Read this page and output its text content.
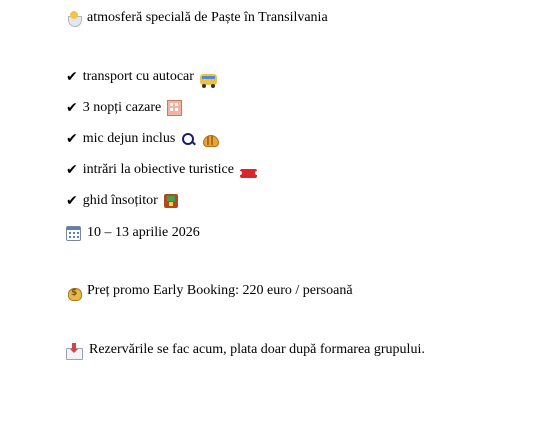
atmosferă specială de Paște în Transilvania
✔ transport cu autocar
✔ 3 nopți cazare
✔ mic dejun inclus
✔ intrări la obiective turistice
✔ ghid însoțitor
10 – 13 aprilie 2026
$
Preț promo Early Booking: 220 euro / persoană
Rezervările se fac acum, plata doar după formarea grupului.
